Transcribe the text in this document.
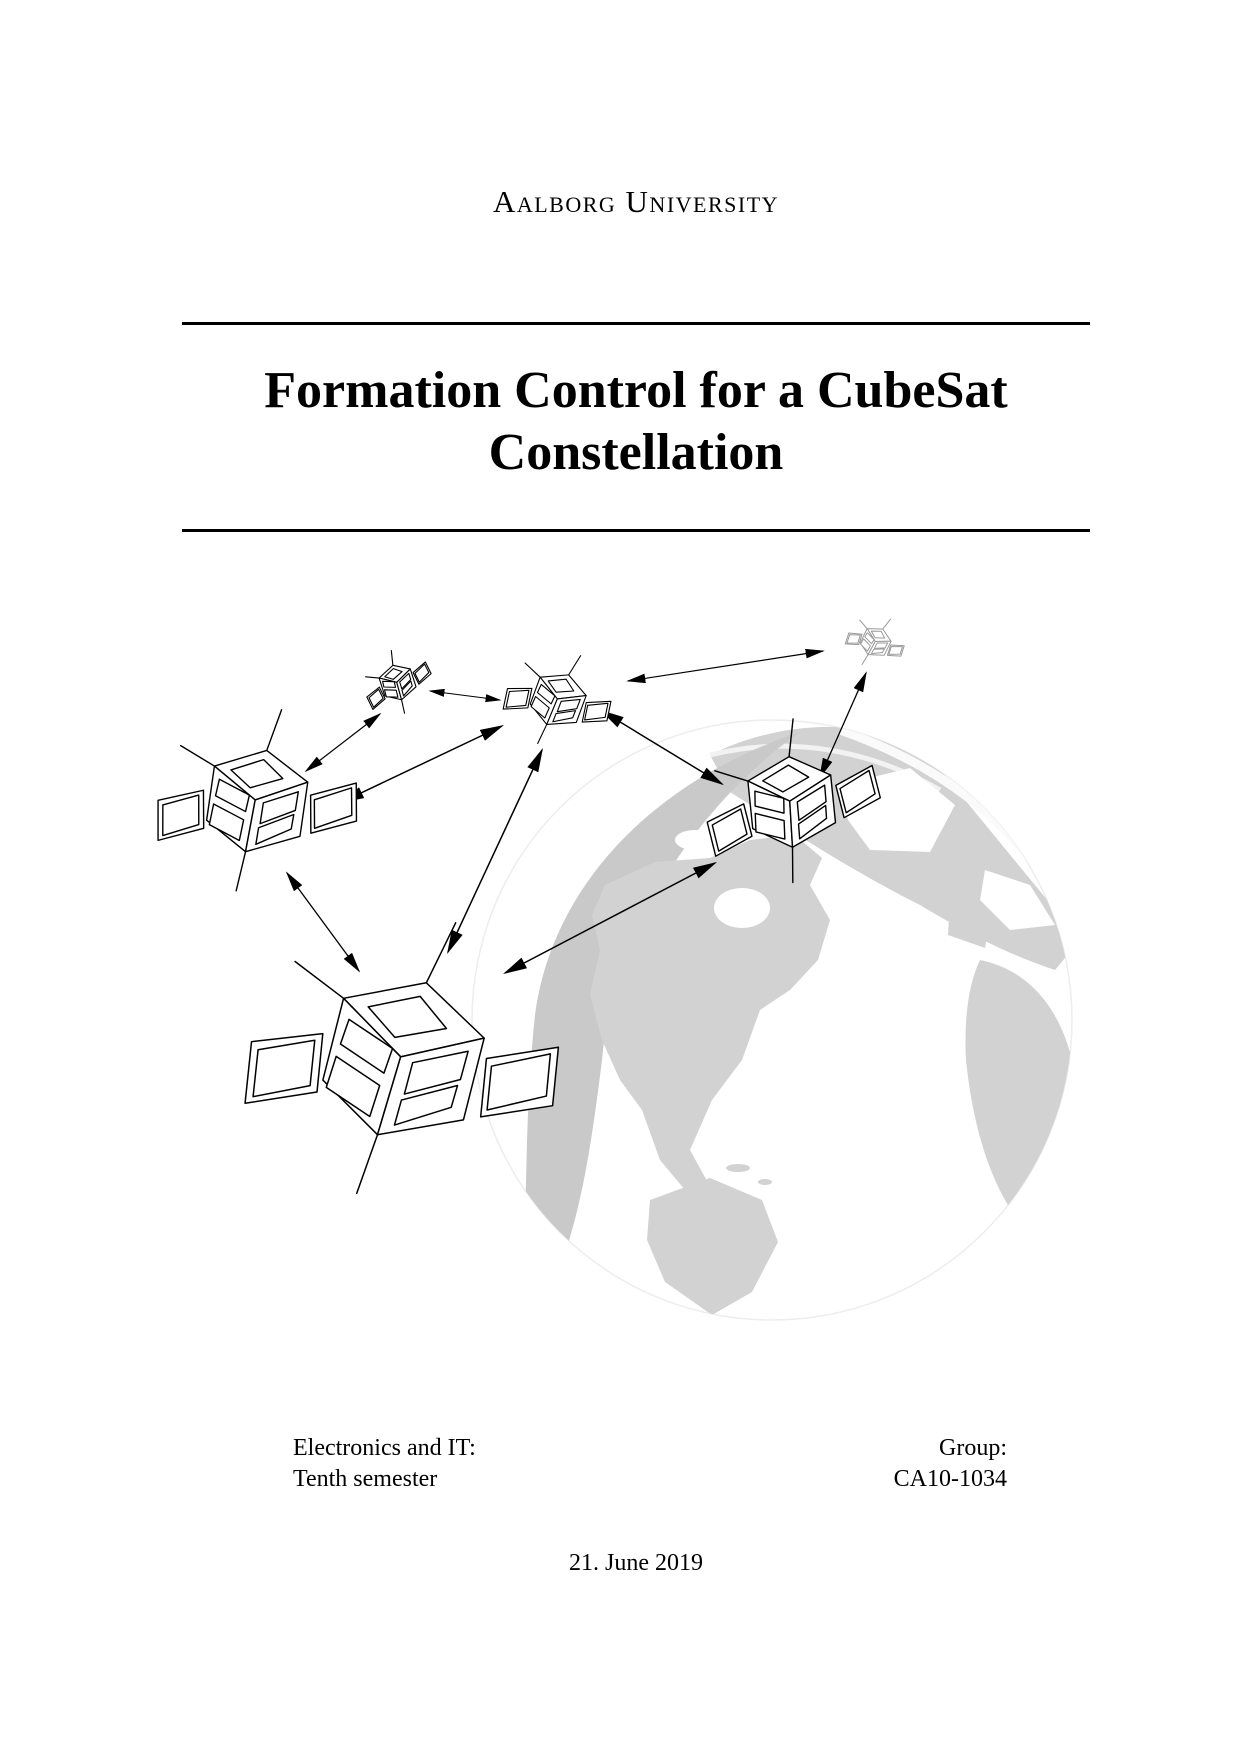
Aalborg University
Formation Control for a CubeSat
Constellation
Electronics and IT:
Tenth semester
Group:
CA10-1034
21. June 2019
